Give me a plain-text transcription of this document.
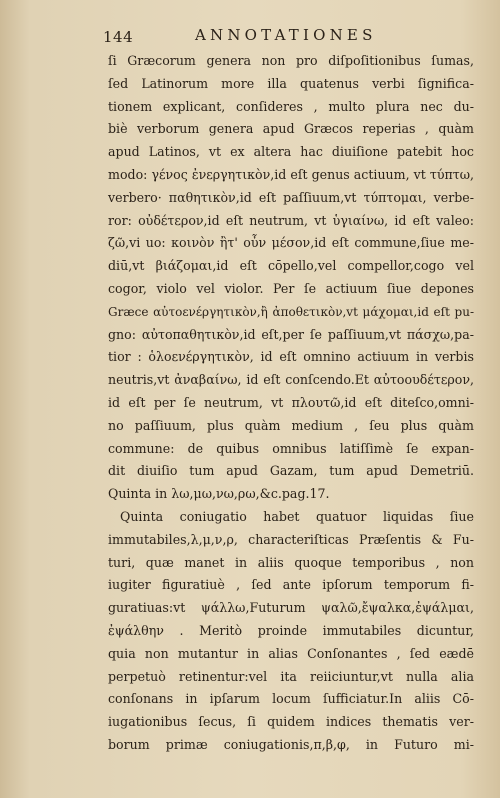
144	ANNOTATIONES
ſi Græcorum genera non pro diſpoſitionibus ſumas,
ſed Latinorum more illa quatenus verbi ſignifica-
tionem explicant, conſideres , multo plura nec du-
biè verborum genera apud Græcos reperias , quàm
apud Latinos, vt ex altera hac diuiſione patebit hoc
modo: γένος ἐνεργητικὸν,id eſt genus actiuum, vt τύπτω,
verbero· παθητικὸν,id eſt paſſiuum,vt τύπτομαι, verbe-
ror: οὐδέτερον,id eſt neutrum, vt ὑγιαίνω, id eſt valeo:
ζῶ,vi uo: κοινὸν ἢτ' οὖν μέσον,id eſt commune,ſiue me-
diū,vt βιάζομαι,id eſt cōpello,vel compellor,cogo vel
cogor, violo vel violor. Per ſe actiuum ſiue depones
Græce αὐτοενέργητικὸν,ἢ ἀποθετικὸν,vt μάχομαι,id eſt pu-
gno: αὐτοπαθητικὸν,id eſt,per ſe paſſiuum,vt πάσχω,pa-
tior : ὁλοενέργητικὸν, id eſt omnino actiuum in verbis
neutris,vt ἀναβαίνω, id eſt conſcendo.Et αὐτοουδέτερον,
id eſt per ſe neutrum, vt πλουτῶ,id eſt diteſco,omni-
no paſſiuum, plus quàm medium , ſeu plus quàm
commune: de quibus omnibus latiſſimè ſe expan-
dit diuiſio tum apud Gazam, tum apud Demetriū.
Quinta in λω,μω,νω,ρω,&c.pag.17.
Quinta coniugatio habet quatuor liquidas ſiue
immutabiles,λ,μ,ν,ρ, characteriſticas Præſentis & Fu-
turi, quæ manet in aliis quoque temporibus , non
iugiter figuratiuè , ſed ante ipſorum temporum fi-
guratiuas:vt ψάλλω,Futurum ψαλῶ,ἔψαλκα,ἐψάλμαι,
ἐψάλθην . Meritò proinde immutabiles dicuntur,
quia non mutantur in alias Conſonantes , ſed eædē
perpetuò retinentur:vel ita reiiciuntur,vt nulla alia
conſonans in ipſarum locum ſufficiatur.In aliis Cō-
iugationibus ſecus, ſi quidem indices thematis ver-
borum primæ coniugationis,π,β,φ, in Futuro mi-
